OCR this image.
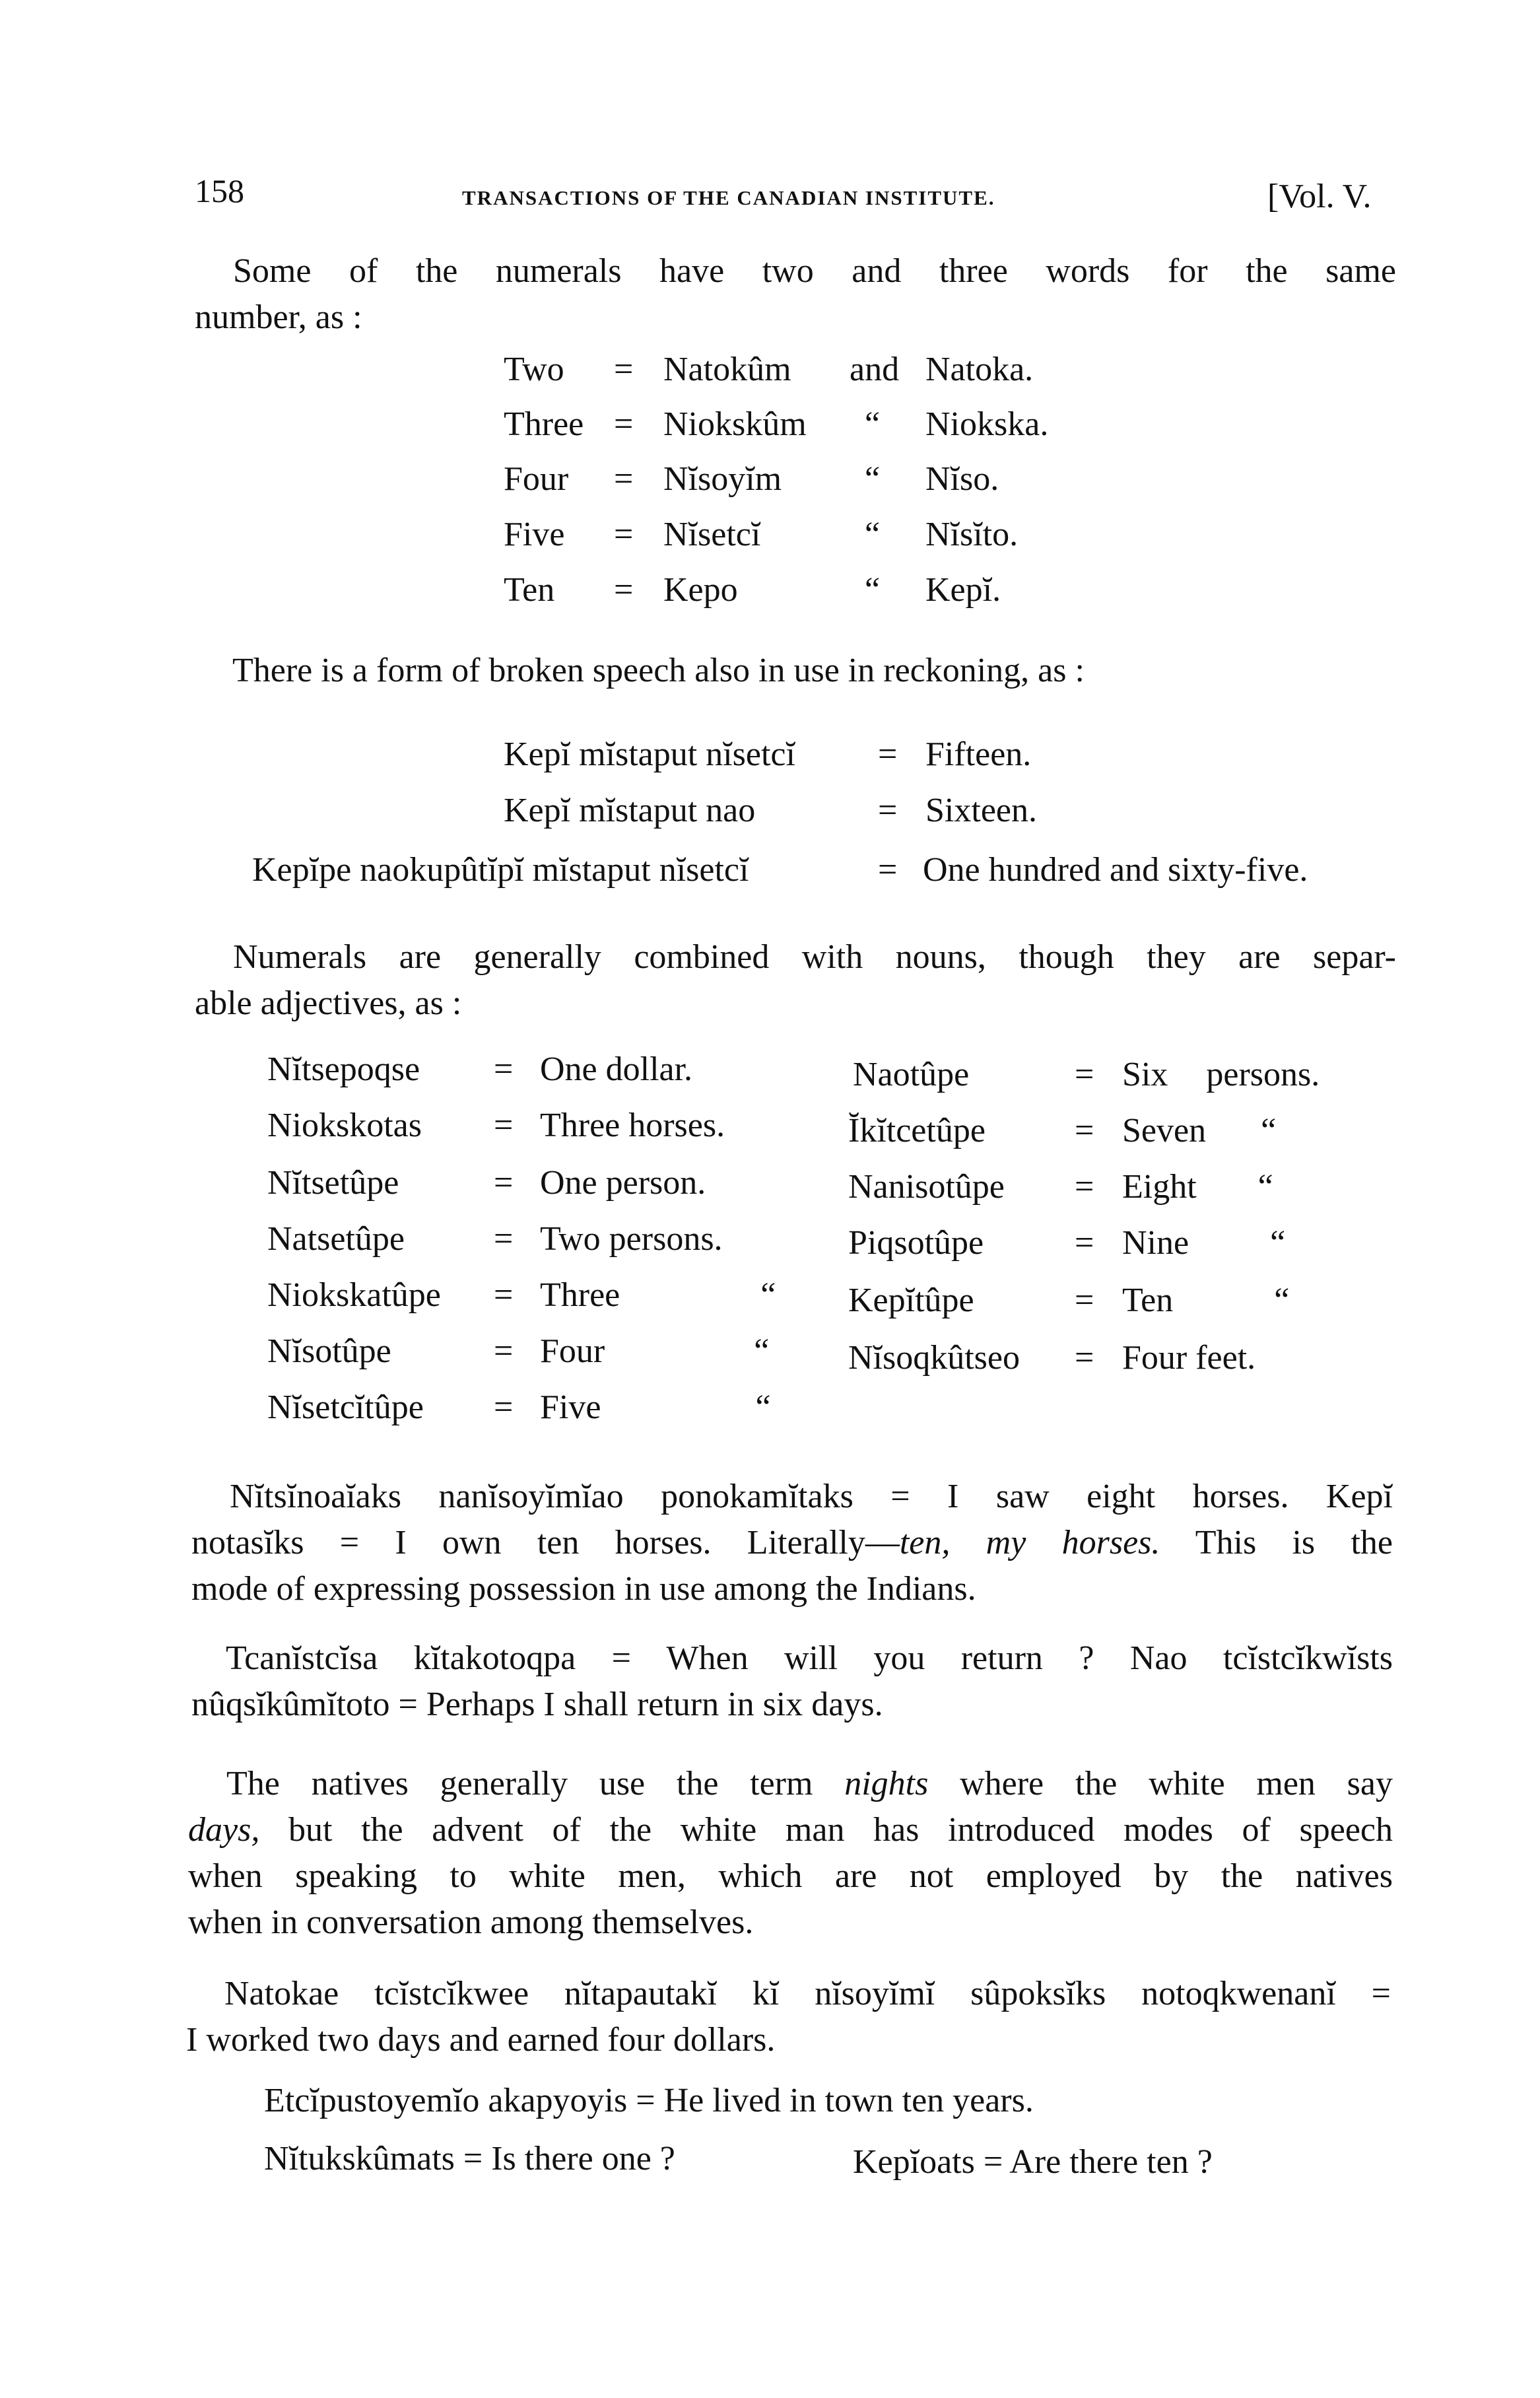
158	TRANSACTIONS OF THE CANADIAN INSTITUTE.	[Vol. V.
Some of the numerals have two and three words for the same
number, as :
Two = Natokûm and Natoka.
Three = Niokskûm “ Niokska.
Four = Nĭsoyĭm “ Nĭso.
Five = Nĭsetcĭ	“ Nĭsĭto.
Ten = Kepo	“ Kepĭ.
There is a form of broken speech also in use in reckoning, as :
Kepĭ mĭstaput nĭsetcĭ = Fifteen.
Kepĭ mĭstaput nao	= Sixteen.
Kepĭpe naokupûtĭpĭ mĭstaput nĭsetcĭ	= One hundred and sixty-five.
Numerals are generally combined with nouns, though they are separ-
able adjectives, as :
Nĭtsepoqse = One dollar.
Niokskotas = Three horses.
Nĭtsetûpe	= One person.
Natsetûpe	= Two persons.
Niokskatûpe = Three “
Nĭsotûpe	= Four “
Nĭsetcĭtûpe = Five “
Naotûpe	= Six persons.
Ĭkĭtcetûpe	= Seven “
Nanisotûpe = Eight “
Piqsotûpe	= Nine “
Kepĭtûpe	= Ten “
Nĭsoqkûtseo = Four feet.
Nĭtsĭnoaĭaks nanĭsoyĭmĭao ponokamĭtaks = I saw eight horses. Kepĭ
notasĭks = I own ten horses. Literally—ten, my horses. This is the
mode of expressing possession in use among the Indians.
Tcanĭstcĭsa kĭtakotoqpa = When will you return ? Nao tcĭstcĭkwĭsts
nûqsĭkûmĭtoto = Perhaps I shall return in six days.
The natives generally use the term nights where the white men say
days, but the advent of the white man has introduced modes of speech
when speaking to white men, which are not employed by the natives
when in conversation among themselves.
Natokae tcĭstcĭkwee nĭtapautakĭ kĭ nĭsoyĭmĭ sûpoksĭks notoqkwenanĭ =
I worked two days and earned four dollars.
Etcĭpustoyemĭo akapyoyis = He lived in town ten years.
Nĭtukskûmats = Is there one ?	Kepĭoats = Are there ten ?
